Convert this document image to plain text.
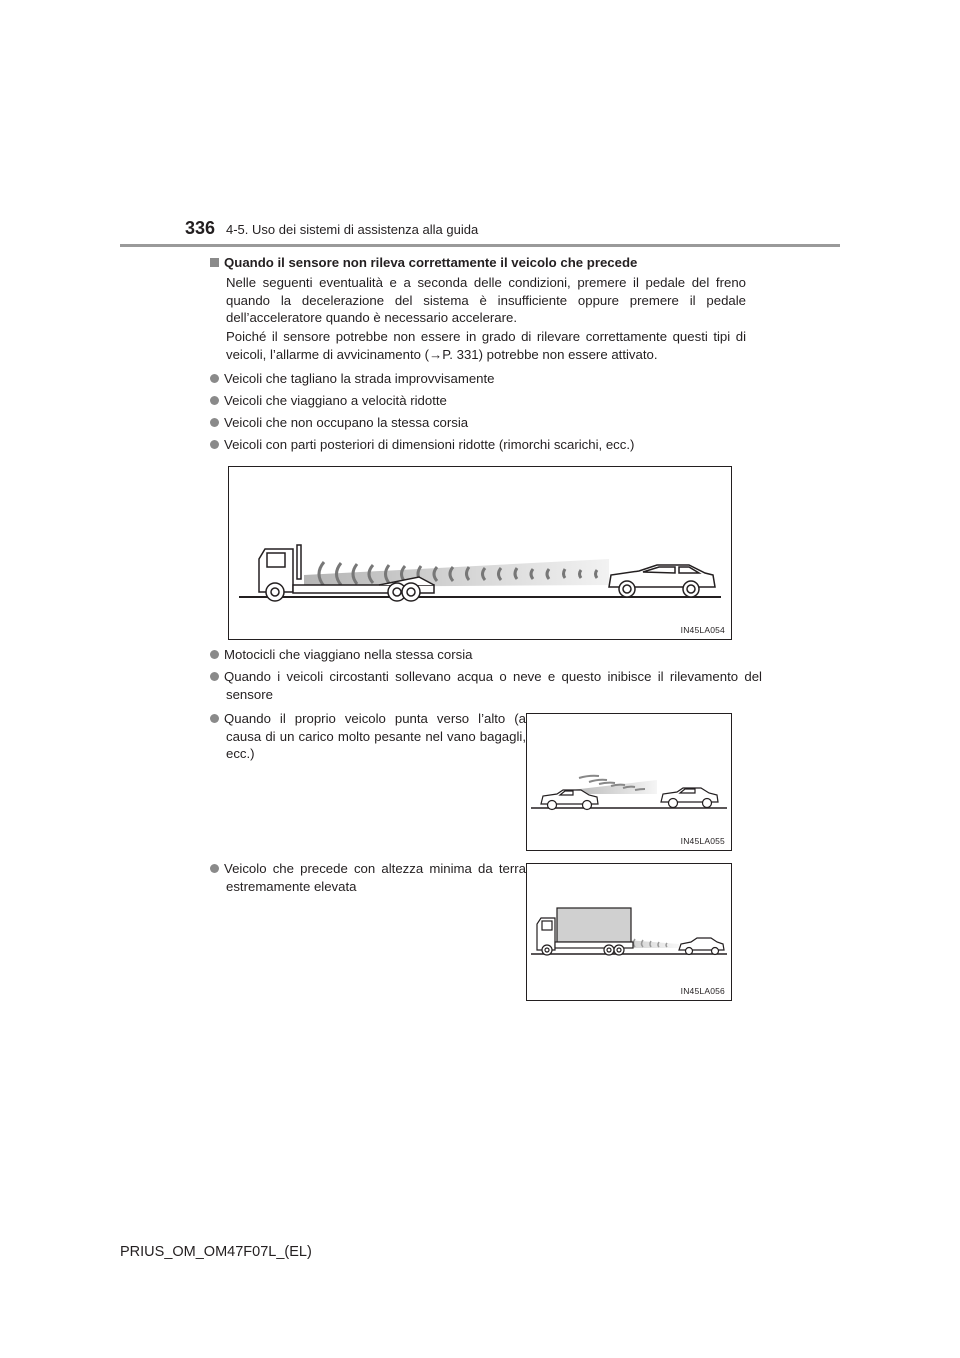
336 4-5. Uso dei sistemi di assistenza alla guida
Quando il sensore non rileva correttamente il veicolo che precede
Nelle seguenti eventualità e a seconda delle condizioni, premere il pedale del freno quando la decelerazione del sistema è insufficiente oppure premere il pedale dell’acceleratore quando è necessario accelerare.
Poiché il sensore potrebbe non essere in grado di rilevare correttamente questi tipi di veicoli, l’allarme di avvicinamento (→P. 331) potrebbe non essere attivato.
Veicoli che tagliano la strada improvvisamente
Veicoli che viaggiano a velocità ridotte
Veicoli che non occupano la stessa corsia
Veicoli con parti posteriori di dimensioni ridotte (rimorchi scarichi, ecc.)
IN45LA054
Motocicli che viaggiano nella stessa corsia
Quando i veicoli circostanti sollevano acqua o neve e questo inibisce il rilevamento del sensore
Quando il proprio veicolo punta verso l’alto (a causa di un carico molto pesante nel vano bagagli, ecc.)
IN45LA055
Veicolo che precede con altezza minima da terra estremamente elevata
IN45LA056
PRIUS_OM_OM47F07L_(EL)
